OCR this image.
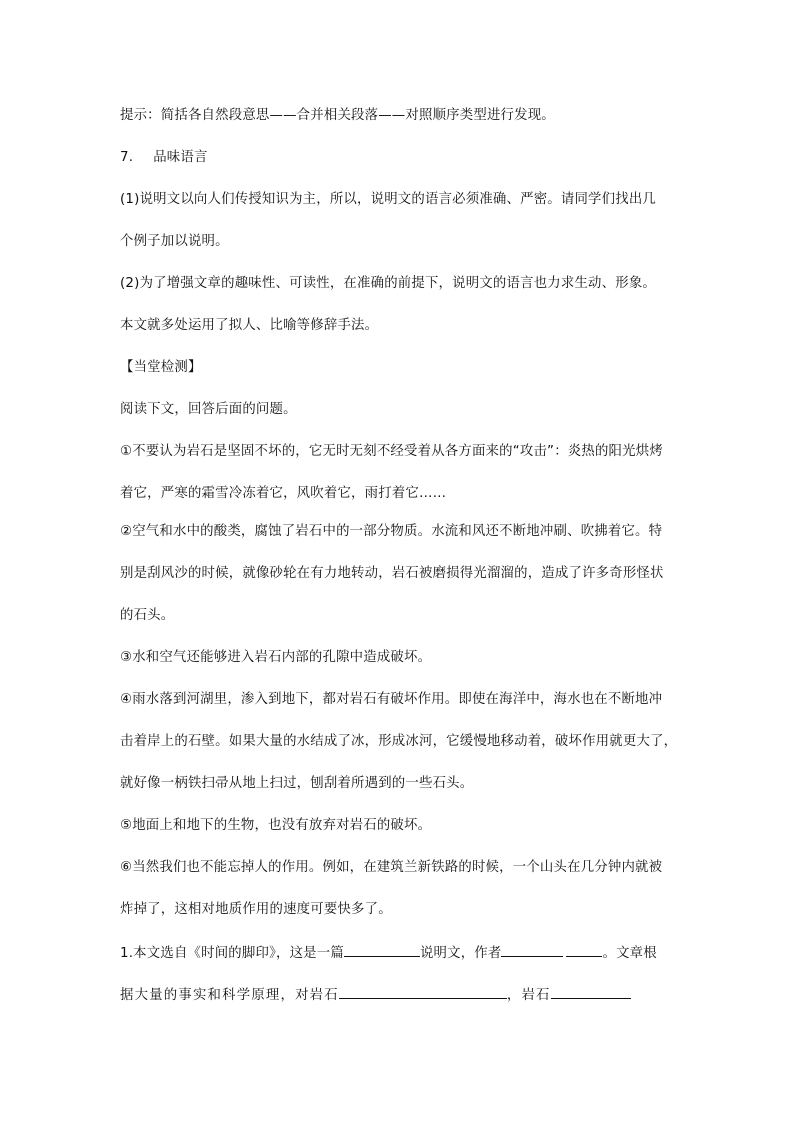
提示：简括各自然段意思——合并相关段落——对照顺序类型进行发现。
7. 品味语言
(1)说明文以向人们传授知识为主，所以，说明文的语言必须准确、严密。请同学们找出几
个例子加以说明。
(2)为了增强文章的趣味性、可读性，在准确的前提下，说明文的语言也力求生动、形象。
本文就多处运用了拟人、比喻等修辞手法。
【当堂检测】
阅读下文，回答后面的问题。
①不要认为岩石是坚固不坏的，它无时无刻不经受着从各方面来的“攻击”：炎热的阳光烘烤
着它，严寒的霜雪冷冻着它，风吹着它，雨打着它……
②空气和水中的酸类，腐蚀了岩石中的一部分物质。水流和风还不断地冲刷、吹拂着它。特
别是刮风沙的时候，就像砂轮在有力地转动，岩石被磨损得光溜溜的，造成了许多奇形怪状
的石头。
③水和空气还能够进入岩石内部的孔隙中造成破坏。
④雨水落到河湖里，渗入到地下，都对岩石有破坏作用。即使在海洋中，海水也在不断地冲
击着岸上的石壁。如果大量的水结成了冰，形成冰河，它缓慢地移动着，破坏作用就更大了，
就好像一柄铁扫帚从地上扫过，刨刮着所遇到的一些石头。
⑤地面上和地下的生物，也没有放弃对岩石的破坏。
⑥当然我们也不能忘掉人的作用。例如，在建筑兰新铁路的时候，一个山头在几分钟内就被
炸掉了，这相对地质作用的速度可要快多了。
1.本文选自《时间的脚印》，这是一篇	说明文，作者	。文章根
据大量的事实和科学原理，对岩石	，岩石
